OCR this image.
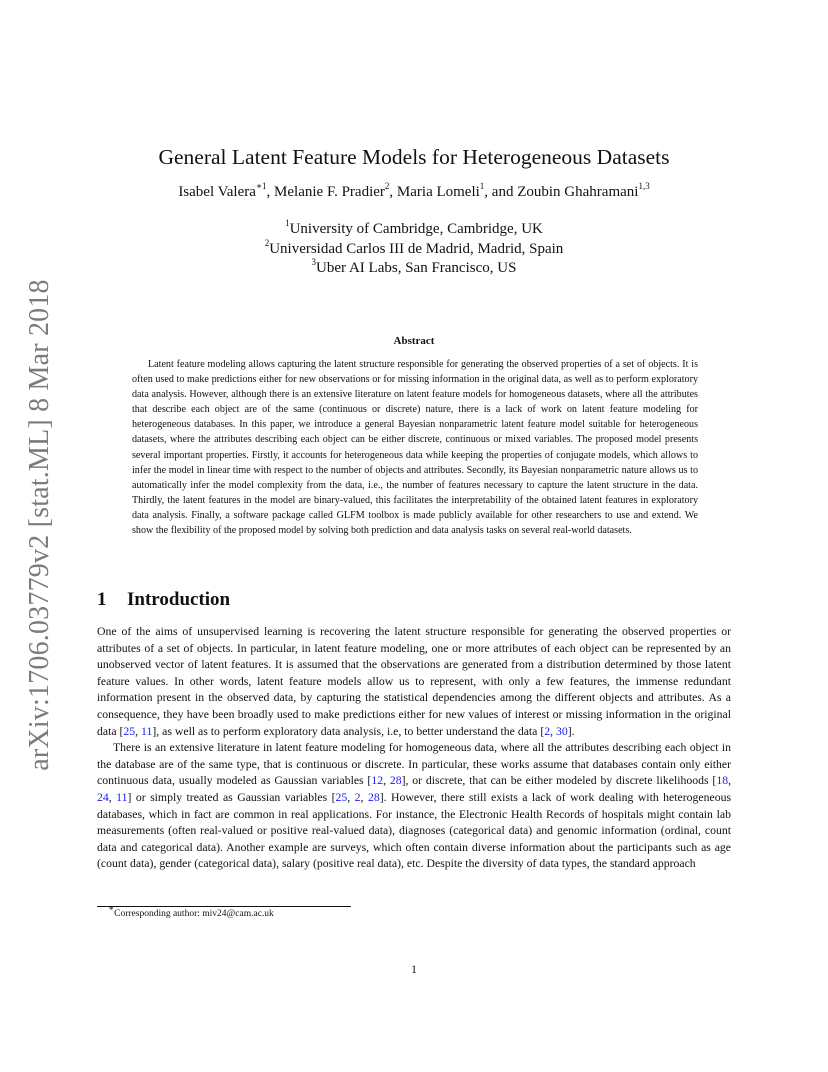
arXiv:1706.03779v2 [stat.ML] 8 Mar 2018
General Latent Feature Models for Heterogeneous Datasets
Isabel Valera$^{∗1}$, Melanie F. Pradier$^2$, Maria Lomeli$^1$, and Zoubin Ghahramani$^{1,3}$
$^1$University of Cambridge, Cambridge, UK
$^2$Universidad Carlos III de Madrid, Madrid, Spain
$^3$Uber AI Labs, San Francisco, US
Abstract

Latent feature modeling allows capturing the latent structure responsible for generating the observed properties of a set of objects. It is often used to make predictions either for new observations or for missing information in the original data, as well as to perform exploratory data analysis. However, although there is an extensive literature on latent feature models for homogeneous datasets, where all the attributes that describe each object are of the same (continuous or discrete) nature, there is a lack of work on latent feature modeling for heterogeneous databases. In this paper, we introduce a general Bayesian nonparametric latent feature model suitable for heterogeneous datasets, where the attributes describing each object can be either discrete, continuous or mixed variables. The proposed model presents several important properties. Firstly, it accounts for heterogeneous data while keeping the properties of conjugate models, which allows to infer the model in linear time with respect to the number of objects and attributes. Secondly, its Bayesian nonparametric nature allows us to automatically infer the model complexity from the data, i.e., the number of features necessary to capture the latent structure in the data. Thirdly, the latent features in the model are binary-valued, this facilitates the interpretability of the obtained latent features in exploratory data analysis. Finally, a software package called GLFM toolbox is made publicly available for other researchers to use and extend. We show the flexibility of the proposed model by solving both prediction and data analysis tasks on several real-world datasets.

1 Introduction

One of the aims of unsupervised learning is recovering the latent structure responsible for generating the observed properties or attributes of a set of objects. In particular, in latent feature modeling, one or more attributes of each object can be represented by an unobserved vector of latent features. It is assumed that the observations are generated from a distribution determined by those latent feature values. In other words, latent feature models allow us to represent, with only a few features, the immense redundant information present in the observed data, by capturing the statistical dependencies among the different objects and attributes. As a consequence, they have been broadly used to make predictions either for new values of interest or missing information in the original data [25, 11], as well as to perform exploratory data analysis, i.e, to better understand the data [2, 30].

There is an extensive literature in latent feature modeling for homogeneous data, where all the attributes describing each object in the database are of the same type, that is continuous or discrete. In particular, these works assume that databases contain only either continuous data, usually modeled as Gaussian variables [12, 28], or discrete, that can be either modeled by discrete likelihoods [18, 24, 11] or simply treated as Gaussian variables [25, 2, 28]. However, there still exists a lack of work dealing with heterogeneous databases, which in fact are common in real applications. For instance, the Electronic Health Records of hospitals might contain lab measurements (often real-valued or positive real-valued data), diagnoses (categorical data) and genomic information (ordinal, count data and categorical data). Another example are surveys, which often contain diverse information about the participants such as age (count data), gender (categorical data), salary (positive real data), etc. Despite the diversity of data types, the standard approach

∗Corresponding author: miv24@cam.ac.uk
1
